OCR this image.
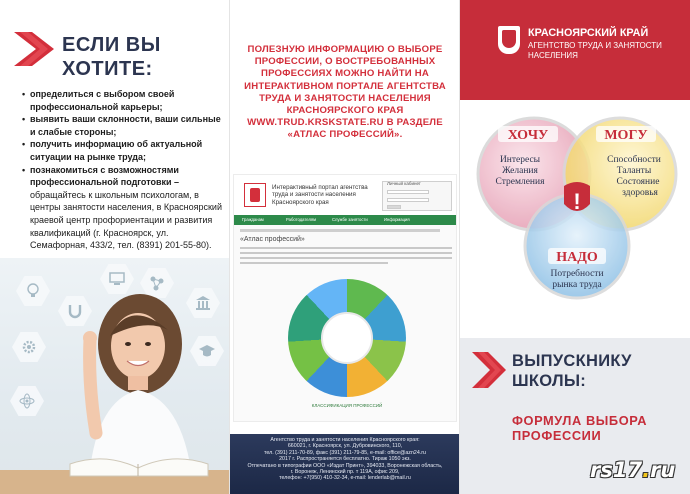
ЕСЛИ ВЫ ХОТИТЕ:
• определиться с выбором своей профессиональной карьеры;
• выявить ваши склонности, ваши сильные и слабые стороны;
• получить информацию об актуальной ситуации на рынке труда;
• познакомиться с возможностями профессиональной подготовки –
обращайтесь к школьным психологам, в центры занятости населения, в Красноярский краевой центр профориентации и развития квалификаций (г. Красноярск, ул. Семафорная, 433/2, тел. (8391) 201-55-80).

ПОЛЕЗНУЮ ИНФОРМАЦИЮ О ВЫБОРЕ ПРОФЕССИИ, О ВОСТРЕБОВАННЫХ ПРОФЕССИЯХ МОЖНО НАЙТИ НА ИНТЕРАКТИВНОМ ПОРТАЛЕ АГЕНТСТВА ТРУДА И ЗАНЯТОСТИ НАСЕЛЕНИЯ КРАСНОЯРСКОГО КРАЯ WWW.TRUD.KRSKSTATE.RU В РАЗДЕЛЕ «АТЛАС ПРОФЕССИЙ».

Интерактивный портал агентства труда и занятости населения Красноярского края
Личный кабинет
Гражданам	Работодателям	Службе занятости	Информация
«Атлас профессий»
КЛАССИФИКАЦИЯ ПРОФЕССИЙ

Агентство труда и занятости населения Красноярского края:
660021, г. Красноярск, ул. Дубровинского, 110,
тел. (391) 211-70-89, факс (391) 211-79-85, e-mail: office@azn24.ru
2017 г. Распространяется бесплатно. Тираж 1050 экз.
Отпечатано в типографии ООО «Издат Принт», 394033, Воронежская область,
г. Воронеж, Ленинский пр. т 119А, офис 209,
телефон: +7(950) 410-32-34, e-mail: lenderlab@mail.ru

КРАСНОЯРСКИЙ КРАЙ
АГЕНТСТВО ТРУДА И ЗАНЯТОСТИ НАСЕЛЕНИЯ
!
ХОЧУ	МОГУ
НАДО
Интересы
Желания
Стремления
Способности
Таланты
Состояние
здоровья
Потребности
рынка труда
ВЫПУСКНИКУ ШКОЛЫ:
ФОРМУЛА ВЫБОРА ПРОФЕССИИ
rs17.ru
